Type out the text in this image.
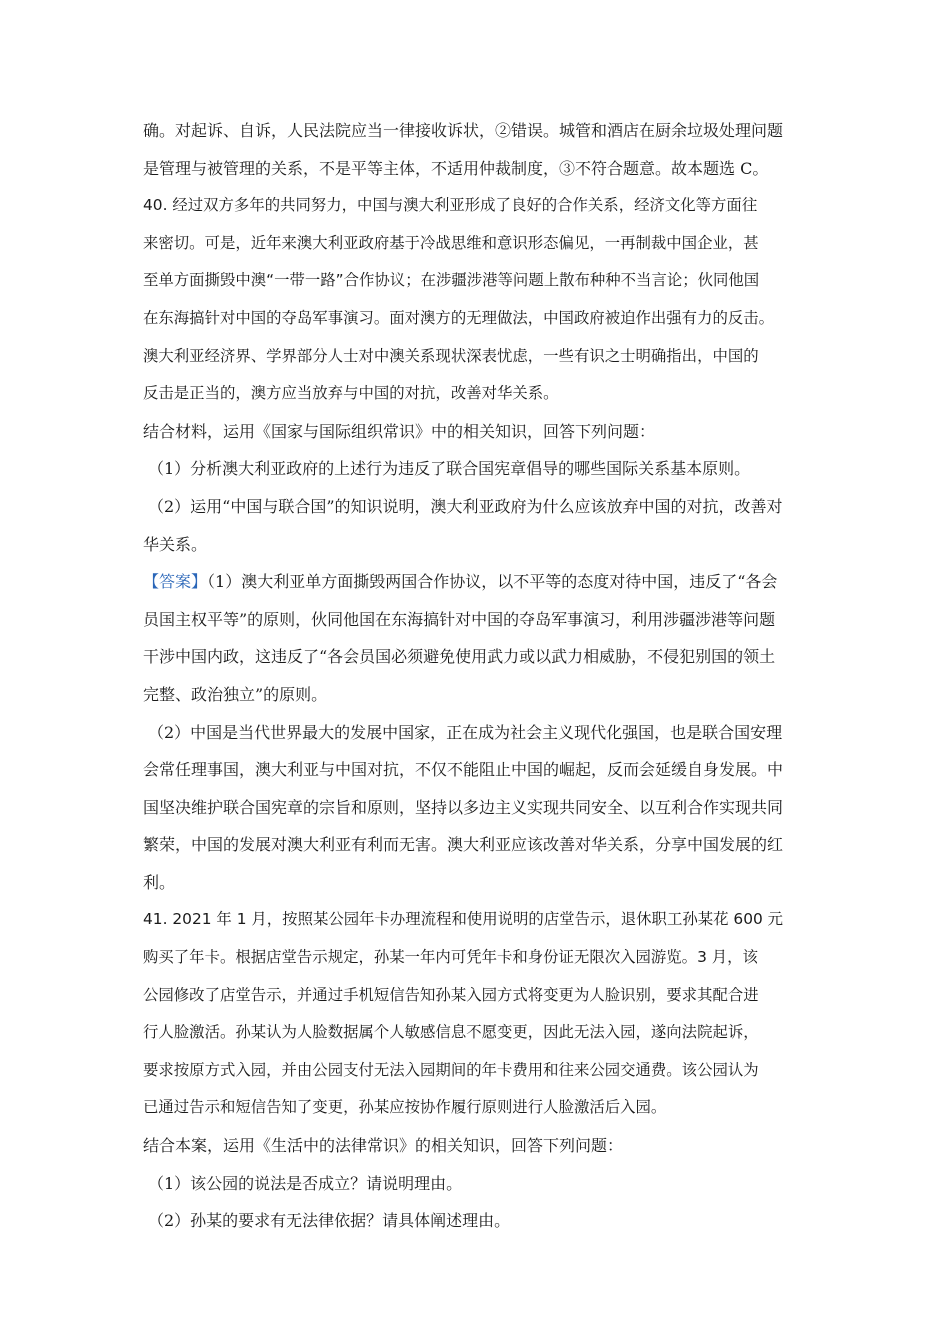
确。对起诉、自诉，人民法院应当一律接收诉状，②错误。城管和酒店在厨余垃圾处理问题
是管理与被管理的关系，不是平等主体，不适用仲裁制度，③不符合题意。故本题选 C。
40. 经过双方多年的共同努力，中国与澳大利亚形成了良好的合作关系，经济文化等方面往
来密切。可是，近年来澳大利亚政府基于冷战思维和意识形态偏见，一再制裁中国企业，甚
至单方面撕毁中澳“一带一路”合作协议；在涉疆涉港等问题上散布种种不当言论；伙同他国
在东海搞针对中国的夺岛军事演习。面对澳方的无理做法，中国政府被迫作出强有力的反击。
澳大利亚经济界、学界部分人士对中澳关系现状深表忧虑，一些有识之士明确指出，中国的
反击是正当的，澳方应当放弃与中国的对抗，改善对华关系。
结合材料，运用《国家与国际组织常识》中的相关知识，回答下列问题：
（1）分析澳大利亚政府的上述行为违反了联合国宪章倡导的哪些国际关系基本原则。
（2）运用“中国与联合国”的知识说明，澳大利亚政府为什么应该放弃中国的对抗，改善对
华关系。
【答案】（1）澳大利亚单方面撕毁两国合作协议，以不平等的态度对待中国，违反了“各会
员国主权平等”的原则，伙同他国在东海搞针对中国的夺岛军事演习，利用涉疆涉港等问题
干涉中国内政，这违反了“各会员国必须避免使用武力或以武力相威胁，不侵犯别国的领土
完整、政治独立”的原则。
（2）中国是当代世界最大的发展中国家，正在成为社会主义现代化强国，也是联合国安理
会常任理事国，澳大利亚与中国对抗，不仅不能阻止中国的崛起，反而会延缓自身发展。中
国坚决维护联合国宪章的宗旨和原则，坚持以多边主义实现共同安全、以互利合作实现共同
繁荣，中国的发展对澳大利亚有利而无害。澳大利亚应该改善对华关系，分享中国发展的红
利。
41. 2021 年 1 月，按照某公园年卡办理流程和使用说明的店堂告示，退休职工孙某花 600 元
购买了年卡。根据店堂告示规定，孙某一年内可凭年卡和身份证无限次入园游览。3 月，该
公园修改了店堂告示，并通过手机短信告知孙某入园方式将变更为人脸识别，要求其配合进
行人脸激活。孙某认为人脸数据属个人敏感信息不愿变更，因此无法入园，遂向法院起诉，
要求按原方式入园，并由公园支付无法入园期间的年卡费用和往来公园交通费。该公园认为
已通过告示和短信告知了变更，孙某应按协作履行原则进行人脸激活后入园。
结合本案，运用《生活中的法律常识》的相关知识，回答下列问题：
（1）该公园的说法是否成立？请说明理由。
（2）孙某的要求有无法律依据？请具体阐述理由。
